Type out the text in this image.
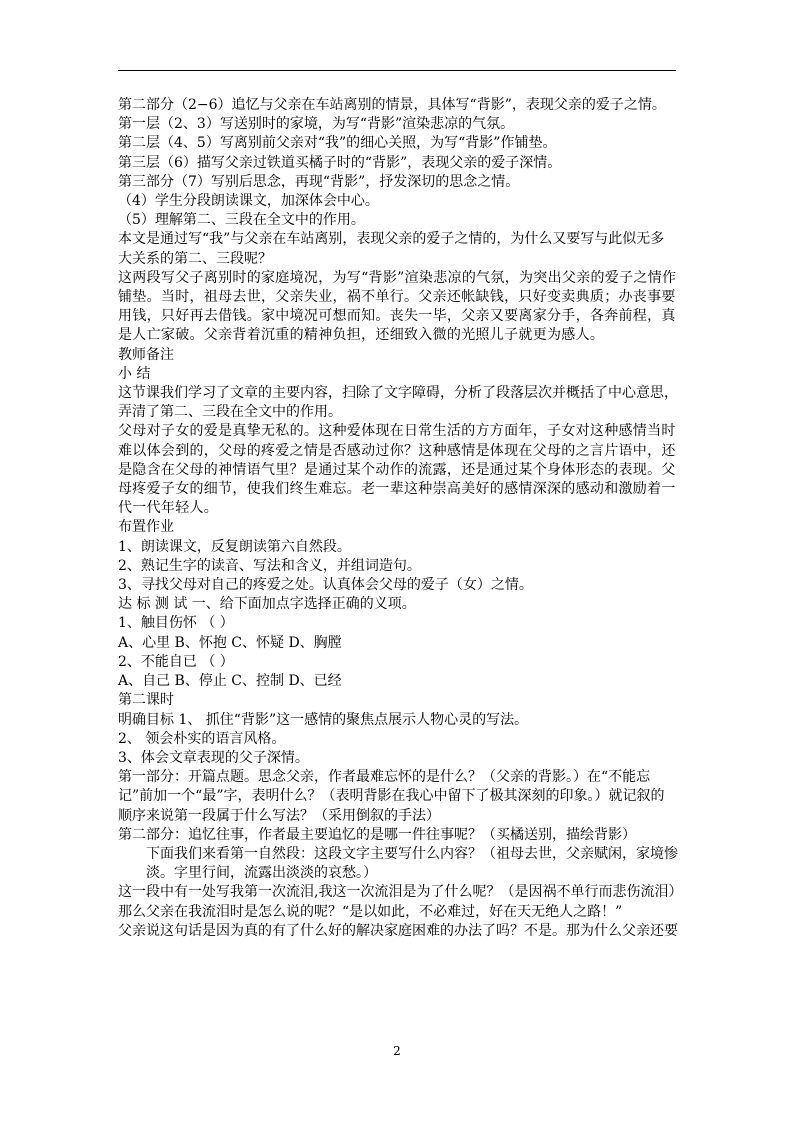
第二部分（2−6）追忆与父亲在车站离别的情景，具体写“背影”，表现父亲的爱子之情。

第一层（2、3）写送别时的家境，为写“背影”渲染悲凉的气氛。

第二层（4、5）写离别前父亲对“我”的细心关照，为写“背影”作铺垫。

第三层（6）描写父亲过铁道买橘子时的“背影”，表现父亲的爱子深情。

第三部分（7）写别后思念，再现“背影”，抒发深切的思念之情。

（4）学生分段朗读课文，加深体会中心。

（5）理解第二、三段在全文中的作用。

本文是通过写“我”与父亲在车站离别，表现父亲的爱子之情的，为什么又要写与此似无多大关系的第二、三段呢？

这两段写父子离别时的家庭境况，为写“背影”渲染悲凉的气氛，为突出父亲的爱子之情作铺垫。当时，祖母去世，父亲失业，祸不单行。父亲还帐缺钱，只好变卖典质；办丧事要用钱，只好再去借钱。家中境况可想而知。丧失一毕，父亲又要离家分手，各奔前程，真是人亡家破。父亲背着沉重的精神负担，还细致入微的光照儿子就更为感人。

教师备注

小 结

这节课我们学习了文章的主要内容，扫除了文字障碍，分析了段落层次并概括了中心意思，弄清了第二、三段在全文中的作用。

父母对子女的爱是真挚无私的。这种爱体现在日常生活的方方面年，子女对这种感情当时难以体会到的，父母的疼爱之情是否感动过你？这种感情是体现在父母的之言片语中，还是隐含在父母的神情语气里？是通过某个动作的流露，还是通过某个身体形态的表现。父母疼爱子女的细节，使我们终生难忘。老一辈这种崇高美好的感情深深的感动和激励着一代一代年轻人。

布置作业

1、朗读课文，反复朗读第六自然段。

2、熟记生字的读音、写法和含义，并组词造句。

3、寻找父母对自己的疼爱之处。认真体会父母的爱子（女）之情。

达 标 测 试 一、给下面加点字选择正确的义项。

1、触目伤怀 （ ）

A、心里 B、怀抱 C、怀疑 D、胸膛

2、不能自已 （ ）

A、自己 B、停止 C、控制 D、已经

第二课时

明确目标 1、 抓住“背影”这一感情的聚焦点展示人物心灵的写法。

2、 领会朴实的语言风格。

3、体会文章表现的父子深情。

第一部分：开篇点题。思念父亲，作者最难忘怀的是什么？（父亲的背影。）在“不能忘记”前加一个“最”字，表明什么？（表明背影在我心中留下了极其深刻的印象。）就记叙的顺序来说第一段属于什么写法？（采用倒叙的手法）

第二部分：追忆往事，作者最主要追忆的是哪一件往事呢？（买橘送别，描绘背影）

下面我们来看第一自然段：这段文字主要写什么内容？（祖母去世，父亲赋闲，家境惨淡。字里行间，流露出淡淡的哀愁。）

这一段中有一处写我第一次流泪,我这一次流泪是为了什么呢？（是因祸不单行而悲伤流泪）那么父亲在我流泪时是怎么说的呢？“是以如此，不必难过，好在天无绝人之路！”

父亲说这句话是因为真的有了什么好的解决家庭困难的办法了吗？不是。那为什么父亲还要

2
